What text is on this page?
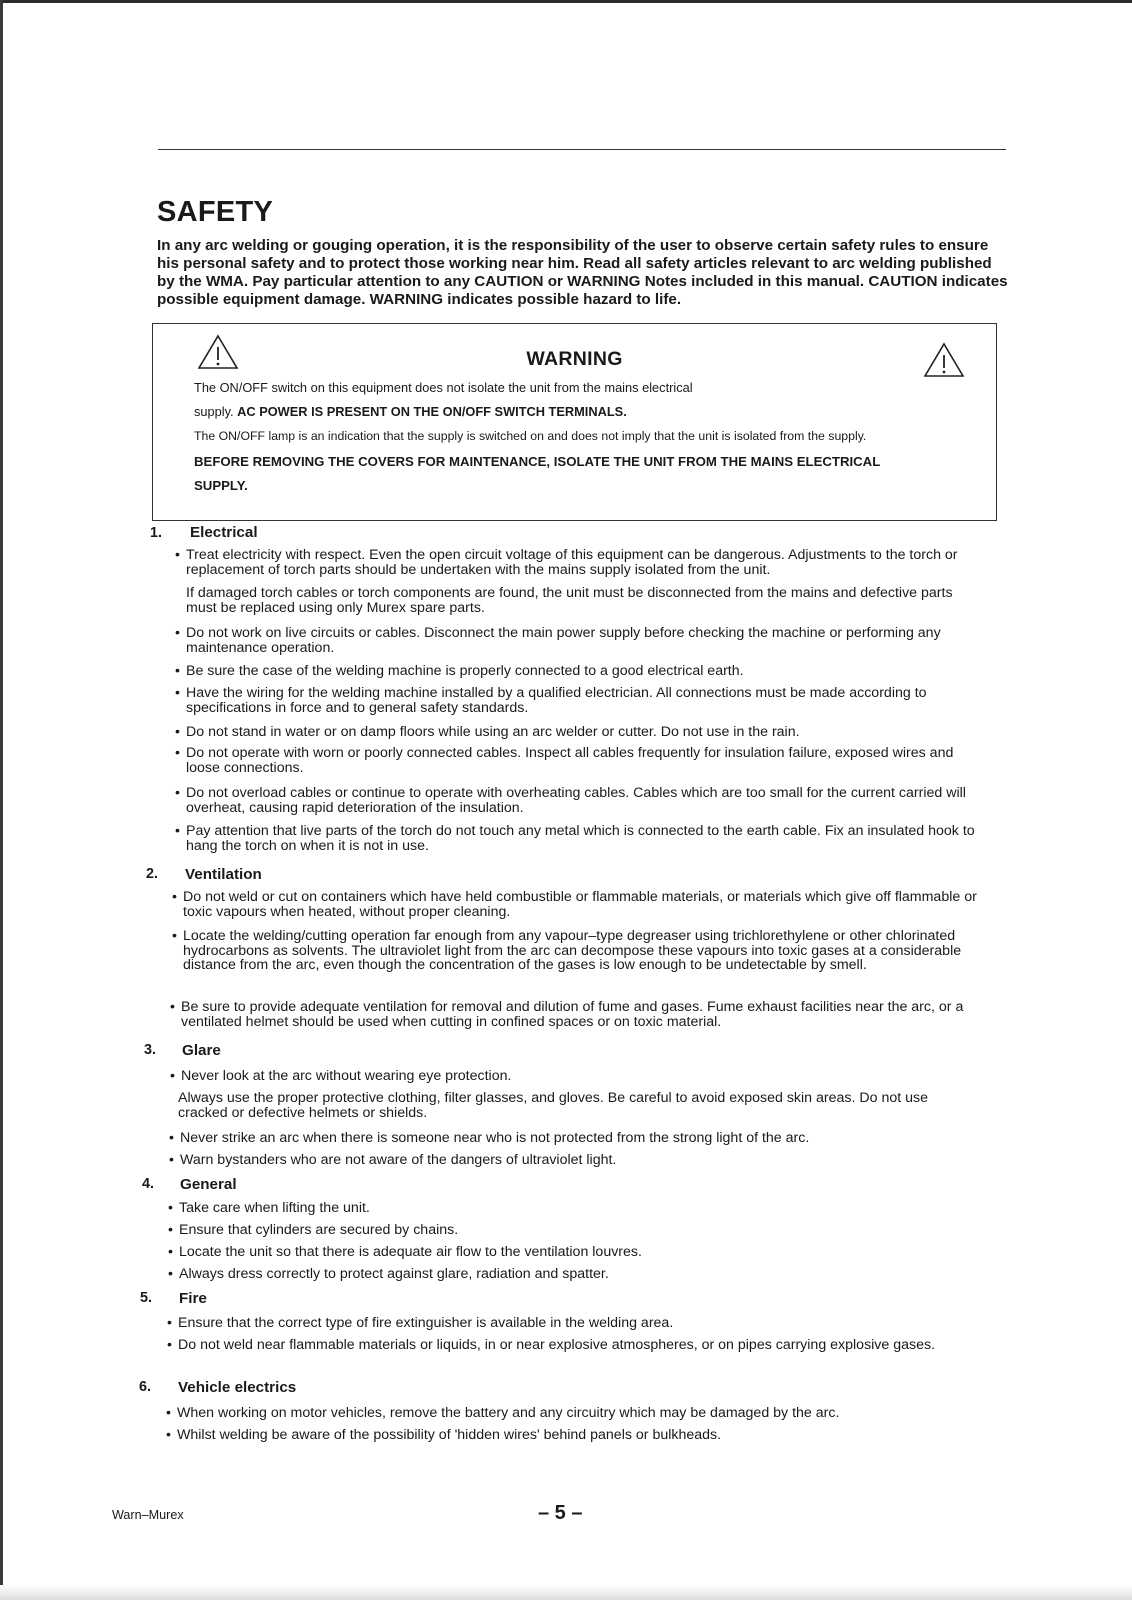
SAFETY

In any arc welding or gouging operation, it is the responsibility of the user to observe certain safety rules to ensure his personal safety and to protect those working near him. Read all safety articles relevant to arc welding published by the WMA. Pay particular attention to any CAUTION or WARNING Notes included in this manual. CAUTION indicates possible equipment damage. WARNING indicates possible hazard to life.

WARNING

The ON/OFF switch on this equipment does not isolate the unit from the mains electrical

supply. AC POWER IS PRESENT ON THE ON/OFF SWITCH TERMINALS.

The ON/OFF lamp is an indication that the supply is switched on and does not imply that the unit is isolated from the supply.

BEFORE REMOVING THE COVERS FOR MAINTENANCE, ISOLATE THE UNIT FROM THE MAINS ELECTRICAL

SUPPLY.

1. Electrical

• Treat electricity with respect. Even the open circuit voltage of this equipment can be dangerous. Adjustments to the torch or replacement of torch parts should be undertaken with the mains supply isolated from the unit.

If damaged torch cables or torch components are found, the unit must be disconnected from the mains and defective parts must be replaced using only Murex spare parts.

• Do not work on live circuits or cables. Disconnect the main power supply before checking the machine or performing any maintenance operation.

• Be sure the case of the welding machine is properly connected to a good electrical earth.

• Have the wiring for the welding machine installed by a qualified electrician. All connections must be made according to specifications in force and to general safety standards.

• Do not stand in water or on damp floors while using an arc welder or cutter. Do not use in the rain.

• Do not operate with worn or poorly connected cables. Inspect all cables frequently for insulation failure, exposed wires and loose connections.

• Do not overload cables or continue to operate with overheating cables. Cables which are too small for the current carried will overheat, causing rapid deterioration of the insulation.

• Pay attention that live parts of the torch do not touch any metal which is connected to the earth cable. Fix an insulated hook to hang the torch on when it is not in use.

2. Ventilation

• Do not weld or cut on containers which have held combustible or flammable materials, or materials which give off flammable or toxic vapours when heated, without proper cleaning.

• Locate the welding/cutting operation far enough from any vapour–type degreaser using trichlorethylene or other chlorinated hydrocarbons as solvents. The ultraviolet light from the arc can decompose these vapours into toxic gases at a considerable distance from the arc, even though the concentration of the gases is low enough to be undetectable by smell.

• Be sure to provide adequate ventilation for removal and dilution of fume and gases. Fume exhaust facilities near the arc, or a ventilated helmet should be used when cutting in confined spaces or on toxic material.

3. Glare

• Never look at the arc without wearing eye protection.

Always use the proper protective clothing, filter glasses, and gloves. Be careful to avoid exposed skin areas. Do not use cracked or defective helmets or shields.

• Never strike an arc when there is someone near who is not protected from the strong light of the arc.

• Warn bystanders who are not aware of the dangers of ultraviolet light.

4. General

• Take care when lifting the unit.

• Ensure that cylinders are secured by chains.

• Locate the unit so that there is adequate air flow to the ventilation louvres.

• Always dress correctly to protect against glare, radiation and spatter.

5. Fire

• Ensure that the correct type of fire extinguisher is available in the welding area.

• Do not weld near flammable materials or liquids, in or near explosive atmospheres, or on pipes carrying explosive gases.

6. Vehicle electrics

• When working on motor vehicles, remove the battery and any circuitry which may be damaged by the arc.

• Whilst welding be aware of the possibility of 'hidden wires' behind panels or bulkheads.

Warn–Murex	– 5 –
